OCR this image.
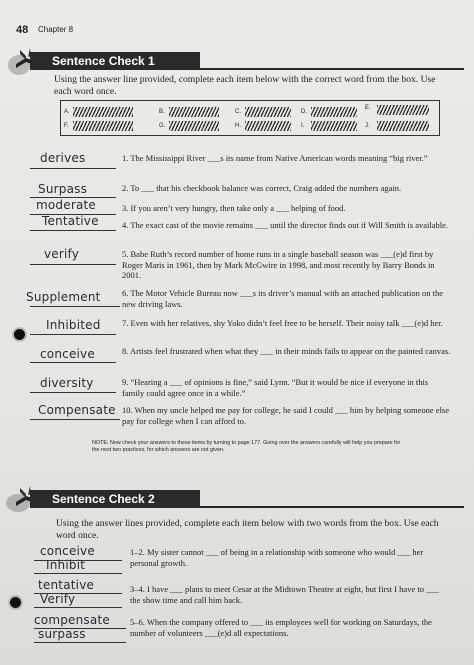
48 Chapter 8
Sentence Check 1
Using the answer line provided, complete each item below with the correct word from the box. Use each word once.
A.	B.	C.	D.
E.
F.	G.	H.	I.	J.
derives	1. The Mississippi River ___s its name from Native American words meaning “big river.”
Surpass	2. To ___ that his checkbook balance was correct, Craig added the numbers again.
moderate	3. If you aren’t very hungry, then take only a ___ helping of food.
Tentative	4. The exact cast of the movie remains ___ until the director finds out if Will Smith is available.
verify	5. Babe Ruth’s record number of home runs in a single baseball season was ___(e)d first by Roger Maris in 1961, then by Mark McGwire in 1998, and most recently by Barry Bonds in 2001.
Supplement	6. The Motor Vehicle Bureau now ___s its driver’s manual with an attached publication on the new driving laws.
Inhibited	7. Even with her relatives, shy Yoko didn’t feel free to be herself. Their noisy talk ___(e)d her.
conceive	8. Artists feel frustrated when what they ___ in their minds fails to appear on the painted canvas.
diversity	9. “Hearing a ___ of opinions is fine,” said Lynn. “But it would be nice if everyone in this family could agree once in a while.”
Compensate 10. When my uncle helped me pay for college, he said I could ___ him by helping someone else pay for college when I can afford to.
NOTE: Now check your answers to these items by turning to page 177. Going over the answers carefully will help you prepare for the next two practices, for which answers are not given.
Sentence Check 2
Using the answer lines provided, complete each item below with two words from the box. Use each word once.
conceive
Inhibit
1–2. My sister cannot ___ of being in a relationship with someone who would ___ her personal growth.
tentative
Verify
3–4. I have ___ plans to meet Cesar at the Midtown Theatre at eight, but first I have to ___ the show time and call him back.
compensate
surpass
5–6. When the company offered to ___ its employees well for working on Saturdays, the number of volunteers ___(e)d all expectations.
